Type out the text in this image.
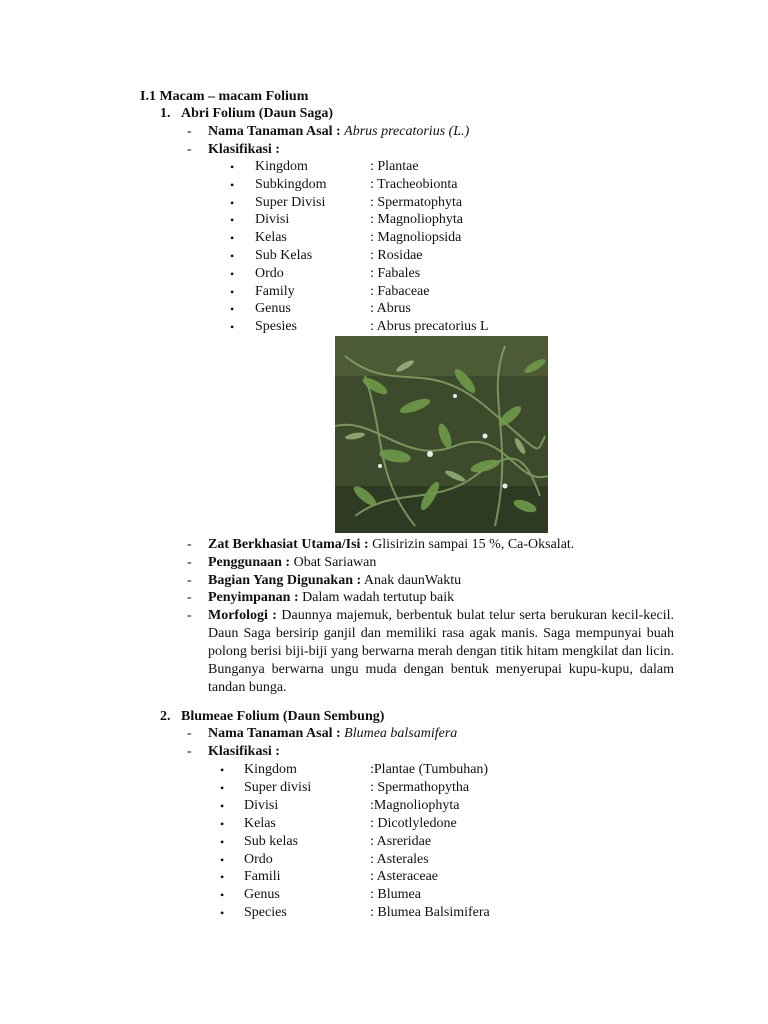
I.1 Macam – macam Folium
1. Abri Folium (Daun Saga)
- Nama Tanaman Asal : Abrus precatorius (L.)
- Klasifikasi :
• Kingdom	: Plantae
• Subkingdom	: Tracheobionta
• Super Divisi	: Spermatophyta
• Divisi	: Magnoliophyta
• Kelas	: Magnoliopsida
• Sub Kelas	: Rosidae
• Ordo	: Fabales
• Family	: Fabaceae
• Genus	: Abrus
• Spesies	: Abrus precatorius L
- Zat Berkhasiat Utama/Isi : Glisirizin sampai 15 %, Ca-Oksalat.
- Penggunaan : Obat Sariawan
- Bagian Yang Digunakan : Anak daunWaktu
- Penyimpanan : Dalam wadah tertutup baik
- Morfologi : Daunnya majemuk, berbentuk bulat telur serta berukuran kecil-kecil. Daun Saga bersirip ganjil dan memiliki rasa agak manis. Saga mempunyai buah polong berisi biji-biji yang berwarna merah dengan titik hitam mengkilat dan licin. Bunganya berwarna ungu muda dengan bentuk menyerupai kupu-kupu, dalam tandan bunga.
2. Blumeae Folium (Daun Sembung)
- Nama Tanaman Asal : Blumea balsamifera
- Klasifikasi :
• Kingdom	:Plantae (Tumbuhan)
• Super divisi	: Spermathopytha
• Divisi	:Magnoliophyta
• Kelas	: Dicotlyledone
• Sub kelas	: Asreridae
• Ordo	: Asterales
• Famili	: Asteraceae
• Genus	: Blumea
• Species	: Blumea Balsimifera
